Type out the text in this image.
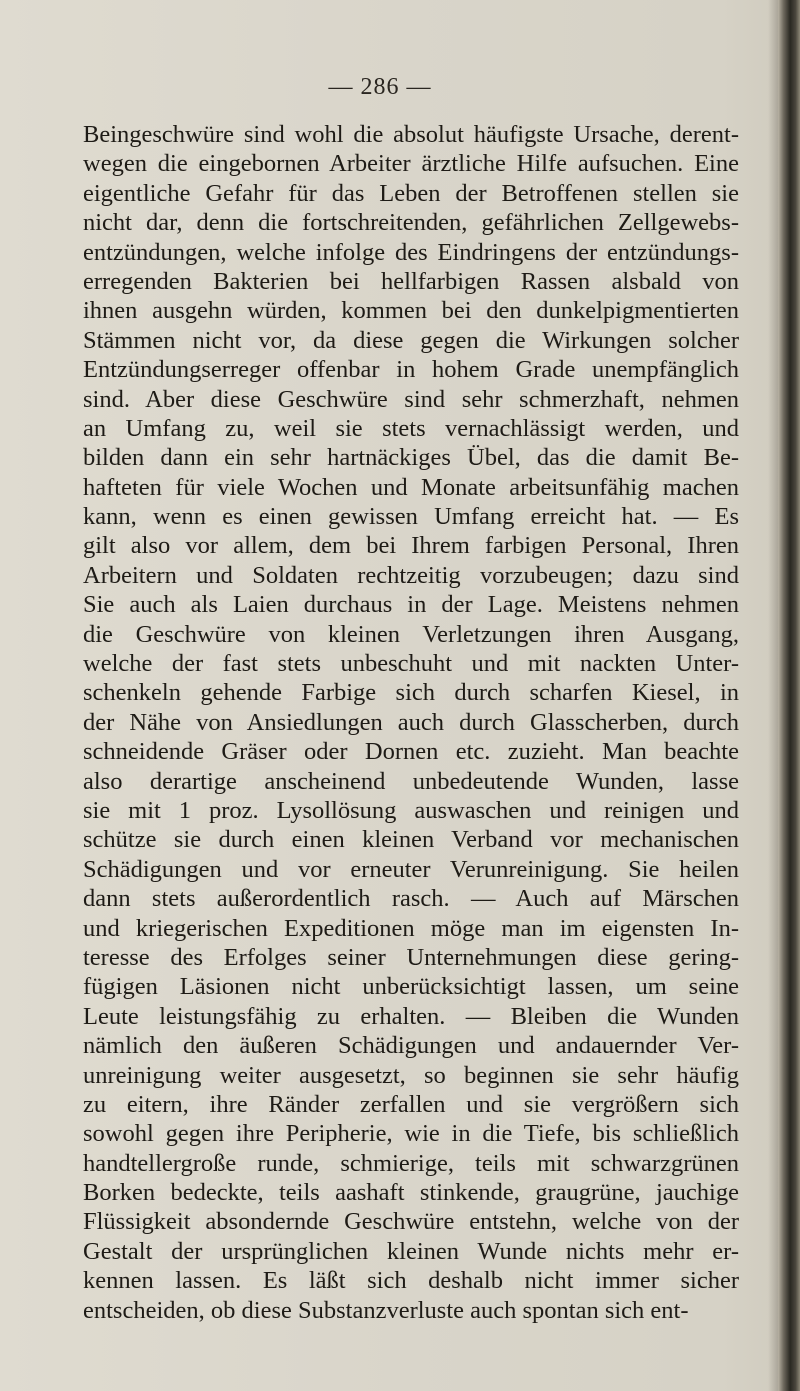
— 286 —
Beingeschwüre sind wohl die absolut häufigste Ursache, derent-
wegen die eingebornen Arbeiter ärztliche Hilfe aufsuchen. Eine
eigentliche Gefahr für das Leben der Betroffenen stellen sie
nicht dar, denn die fortschreitenden, gefährlichen Zellgewebs-
entzündungen, welche infolge des Eindringens der entzündungs-
erregenden Bakterien bei hellfarbigen Rassen alsbald von
ihnen ausgehn würden, kommen bei den dunkelpigmentierten
Stämmen nicht vor, da diese gegen die Wirkungen solcher
Entzündungserreger offenbar in hohem Grade unempfänglich
sind. Aber diese Geschwüre sind sehr schmerzhaft, nehmen
an Umfang zu, weil sie stets vernachlässigt werden, und
bilden dann ein sehr hartnäckiges Übel, das die damit Be-
hafteten für viele Wochen und Monate arbeitsunfähig machen
kann, wenn es einen gewissen Umfang erreicht hat. — Es
gilt also vor allem, dem bei Ihrem farbigen Personal, Ihren
Arbeitern und Soldaten rechtzeitig vorzubeugen; dazu sind
Sie auch als Laien durchaus in der Lage. Meistens nehmen
die Geschwüre von kleinen Verletzungen ihren Ausgang,
welche der fast stets unbeschuht und mit nackten Unter-
schenkeln gehende Farbige sich durch scharfen Kiesel, in
der Nähe von Ansiedlungen auch durch Glasscherben, durch
schneidende Gräser oder Dornen etc. zuzieht. Man beachte
also derartige anscheinend unbedeutende Wunden, lasse
sie mit 1 proz. Lysollösung auswaschen und reinigen und
schütze sie durch einen kleinen Verband vor mechanischen
Schädigungen und vor erneuter Verunreinigung. Sie heilen
dann stets außerordentlich rasch. — Auch auf Märschen
und kriegerischen Expeditionen möge man im eigensten In-
teresse des Erfolges seiner Unternehmungen diese gering-
fügigen Läsionen nicht unberücksichtigt lassen, um seine
Leute leistungsfähig zu erhalten. — Bleiben die Wunden
nämlich den äußeren Schädigungen und andauernder Ver-
unreinigung weiter ausgesetzt, so beginnen sie sehr häufig
zu eitern, ihre Ränder zerfallen und sie vergrößern sich
sowohl gegen ihre Peripherie, wie in die Tiefe, bis schließlich
handtellergroße runde, schmierige, teils mit schwarzgrünen
Borken bedeckte, teils aashaft stinkende, graugrüne, jauchige
Flüssigkeit absondernde Geschwüre entstehn, welche von der
Gestalt der ursprünglichen kleinen Wunde nichts mehr er-
kennen lassen. Es läßt sich deshalb nicht immer sicher
entscheiden, ob diese Substanzverluste auch spontan sich ent-
